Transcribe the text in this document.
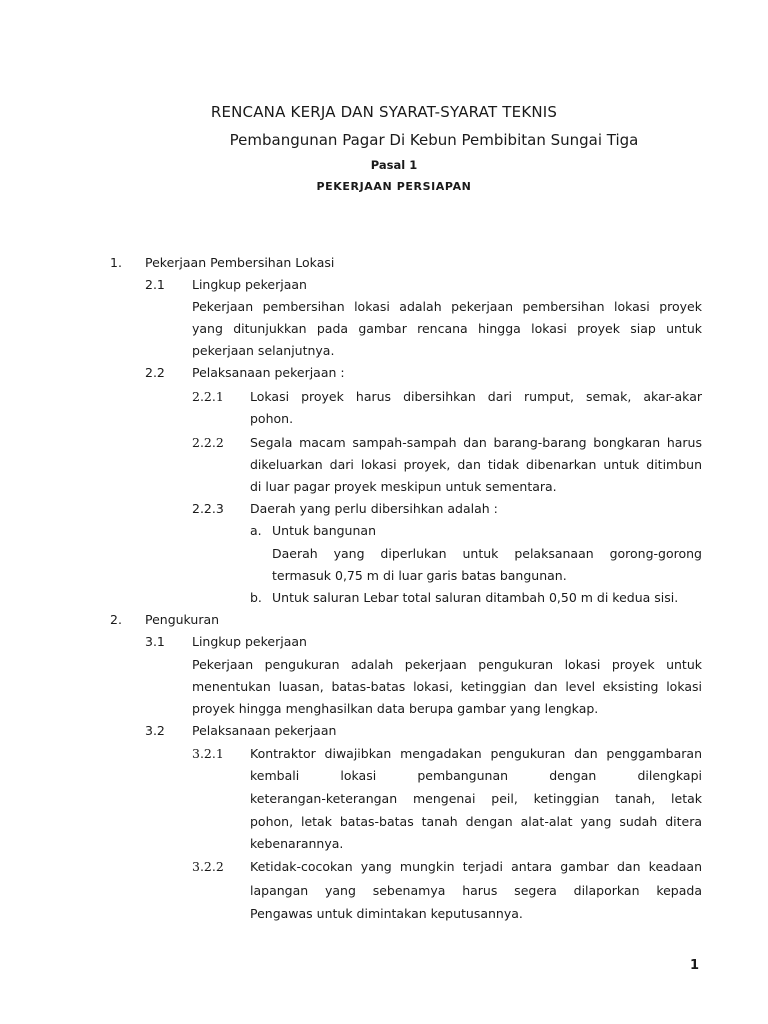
RENCANA KERJA DAN SYARAT-SYARAT TEKNIS
Pembangunan Pagar Di Kebun Pembibitan Sungai Tiga
Pasal 1
PEKERJAAN PERSIAPAN
1. Pekerjaan Pembersihan Lokasi
2.1 Lingkup pekerjaan
Pekerjaan pembersihan lokasi adalah pekerjaan pembersihan lokasi proyek
yang ditunjukkan pada gambar rencana hingga lokasi proyek siap untuk
pekerjaan selanjutnya.
2.2 Pelaksanaan pekerjaan :
2.2.1 Lokasi proyek harus dibersihkan dari rumput, semak, akar-akar
pohon.
2.2.2 Segala macam sampah-sampah dan barang-barang bongkaran harus
dikeluarkan dari lokasi proyek, dan tidak dibenarkan untuk ditimbun
di luar pagar proyek meskipun untuk sementara.
2.2.3 Daerah yang perlu dibersihkan adalah :
a. Untuk bangunan
Daerah yang diperlukan untuk pelaksanaan gorong-gorong
termasuk 0,75 m di luar garis batas bangunan.
b. Untuk saluran Lebar total saluran ditambah 0,50 m di kedua sisi.
2. Pengukuran
3.1 Lingkup pekerjaan
Pekerjaan pengukuran adalah pekerjaan pengukuran lokasi proyek untuk
menentukan luasan, batas-batas lokasi, ketinggian dan level eksisting lokasi
proyek hingga menghasilkan data berupa gambar yang lengkap.
3.2 Pelaksanaan pekerjaan
3.2.1 Kontraktor diwajibkan mengadakan pengukuran dan penggambaran
kembali lokasi pembangunan dengan dilengkapi
keterangan-keterangan mengenai peil, ketinggian tanah, letak
pohon, letak batas-batas tanah dengan alat-alat yang sudah ditera
kebenarannya.
3.2.2 Ketidak-cocokan yang mungkin terjadi antara gambar dan keadaan
lapangan yang sebenamya harus segera dilaporkan kepada
Pengawas untuk dimintakan keputusannya.
1
